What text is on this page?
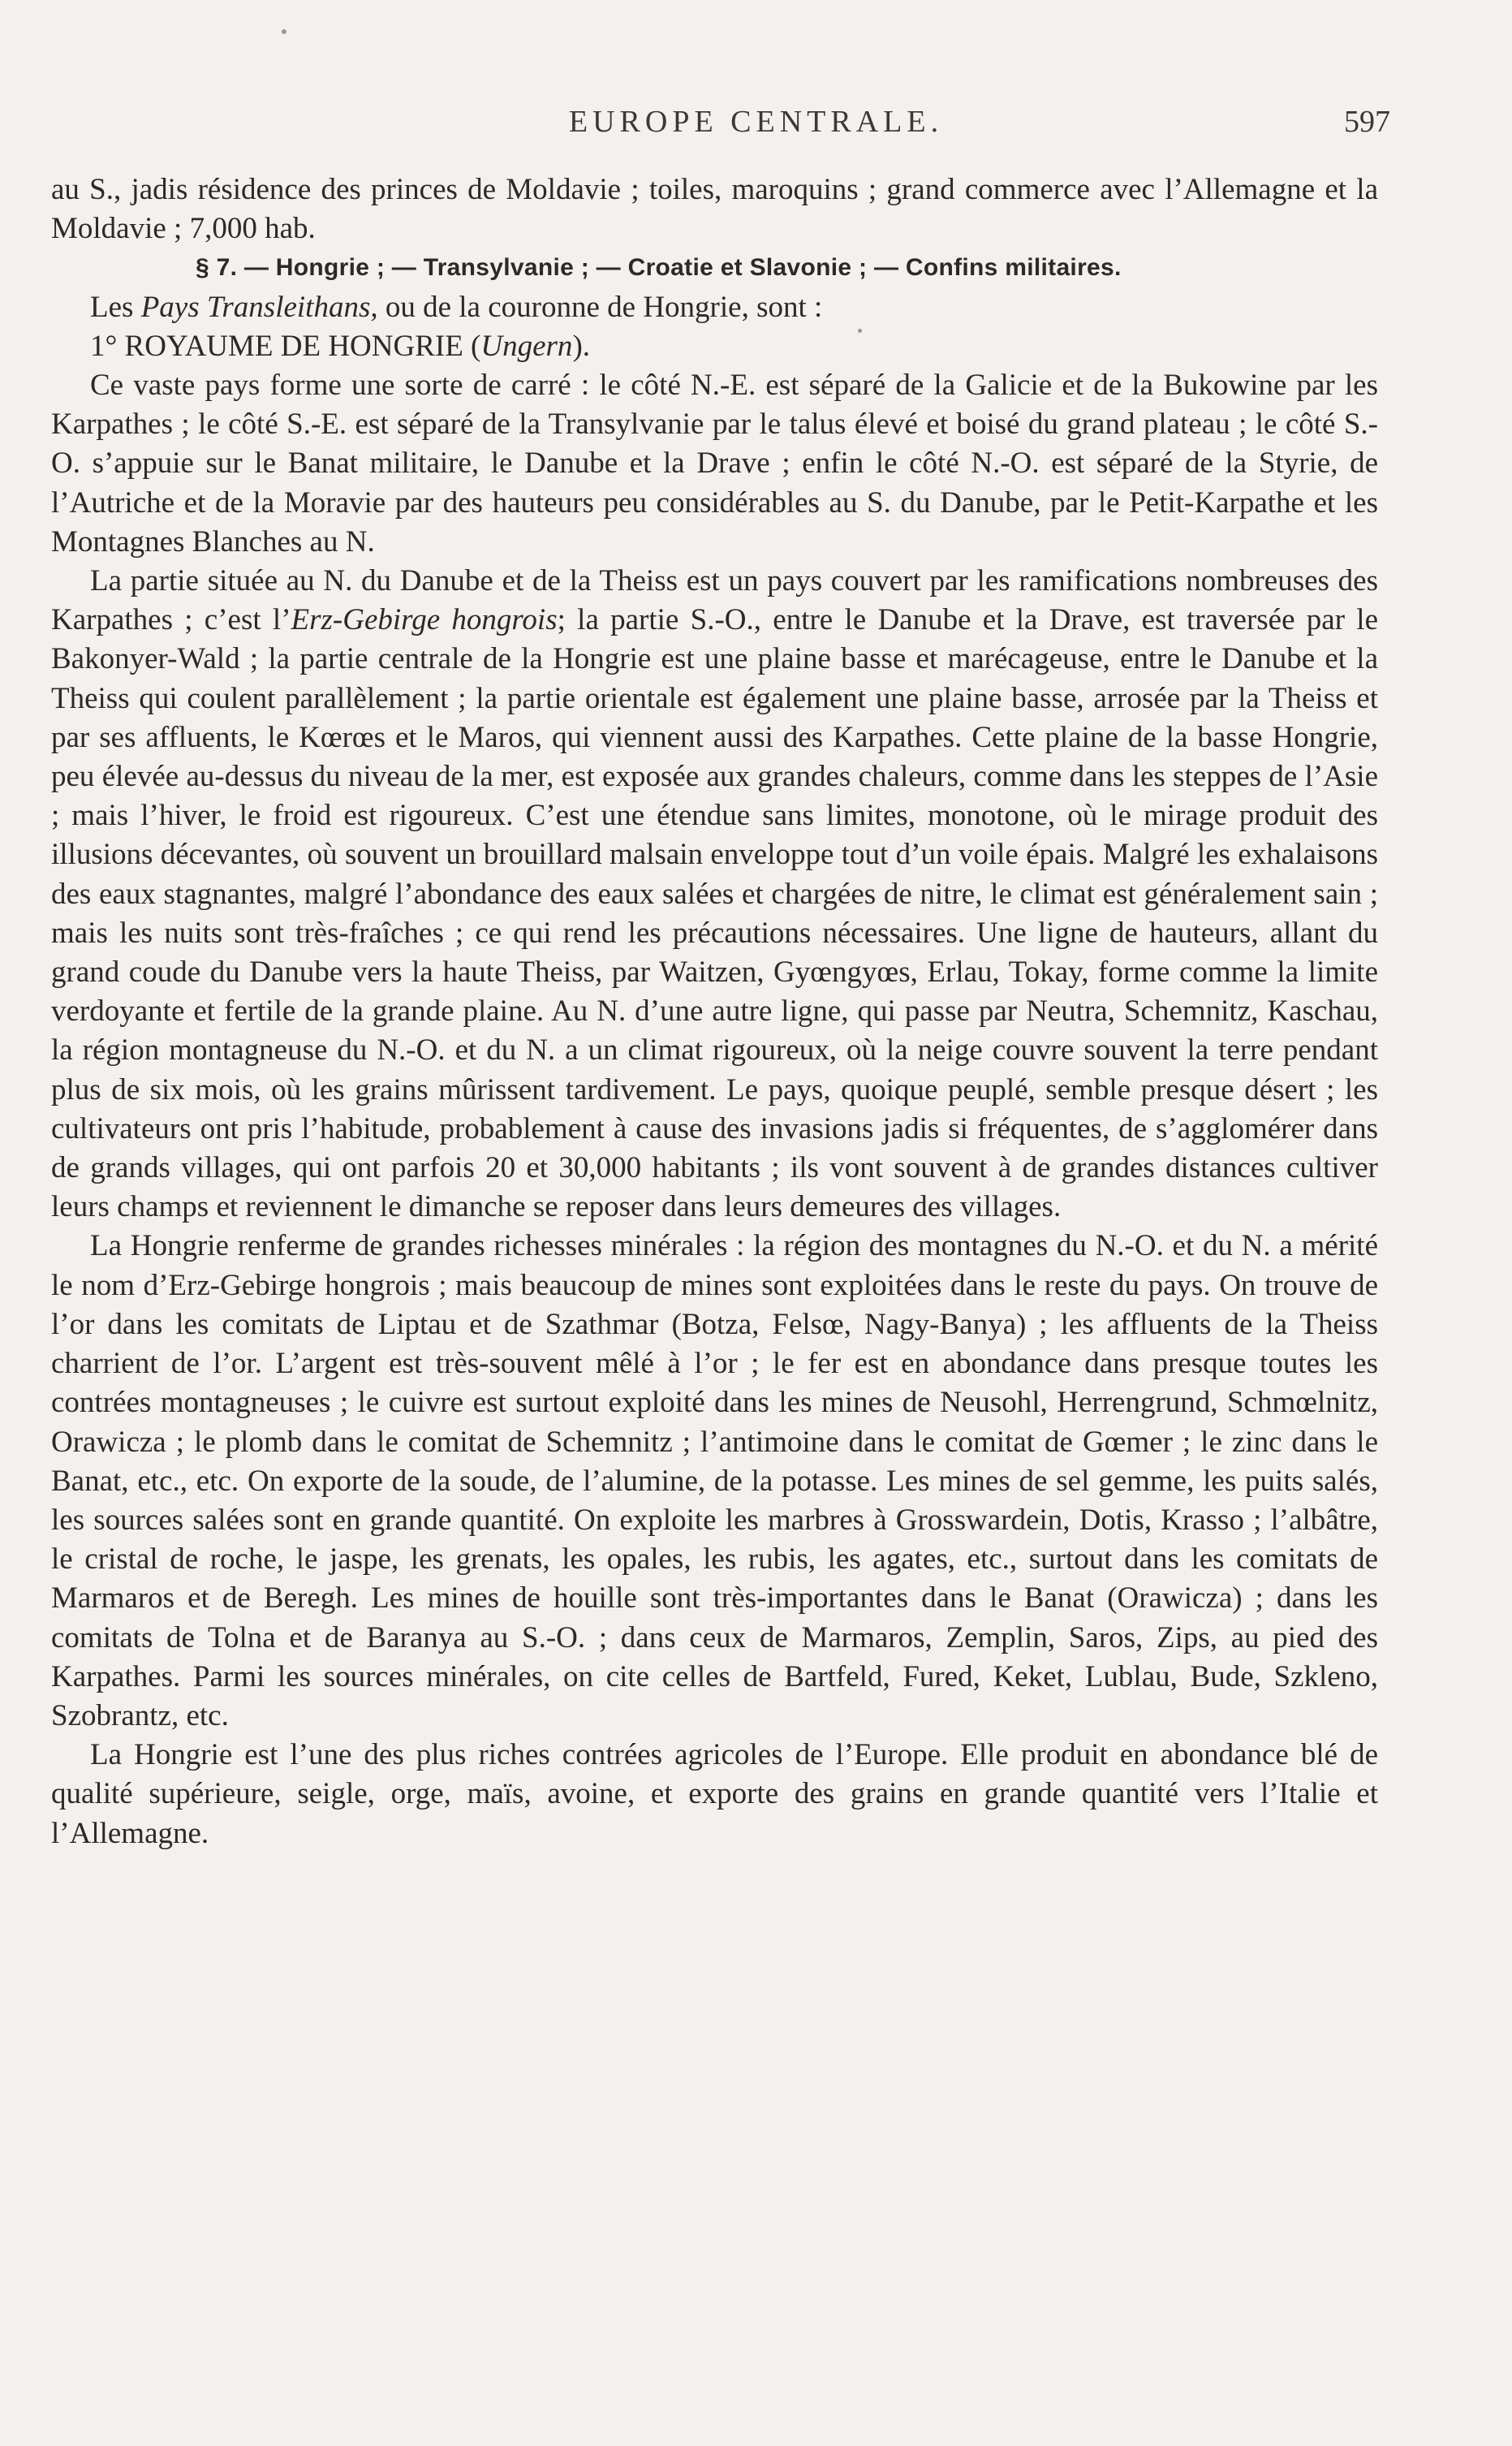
EUROPE CENTRALE.	597

au S., jadis résidence des princes de Moldavie ; toiles, maroquins ; grand commerce avec l’Allemagne et la Moldavie ; 7,000 hab.

§ 7. — Hongrie ; — Transylvanie ; — Croatie et Slavonie ; — Confins militaires.

Les Pays Transleithans, ou de la couronne de Hongrie, sont :

1° ROYAUME DE HONGRIE (Ungern).

Ce vaste pays forme une sorte de carré : le côté N.-E. est séparé de la Galicie et de la Bukowine par les Karpathes ; le côté S.-E. est séparé de la Transylvanie par le talus élevé et boisé du grand plateau ; le côté S.-O. s’appuie sur le Banat militaire, le Danube et la Drave ; enfin le côté N.-O. est séparé de la Styrie, de l’Autriche et de la Moravie par des hauteurs peu considérables au S. du Danube, par le Petit-Karpathe et les Montagnes Blanches au N.

La partie située au N. du Danube et de la Theiss est un pays couvert par les ramifications nombreuses des Karpathes ; c’est l’Erz-Gebirge hongrois; la partie S.-O., entre le Danube et la Drave, est traversée par le Bakonyer-Wald ; la partie centrale de la Hongrie est une plaine basse et marécageuse, entre le Danube et la Theiss qui coulent parallèlement ; la partie orientale est également une plaine basse, arrosée par la Theiss et par ses affluents, le Kœrœs et le Maros, qui viennent aussi des Karpathes. Cette plaine de la basse Hongrie, peu élevée au-dessus du niveau de la mer, est exposée aux grandes chaleurs, comme dans les steppes de l’Asie ; mais l’hiver, le froid est rigoureux. C’est une étendue sans limites, monotone, où le mirage produit des illusions décevantes, où souvent un brouillard malsain enveloppe tout d’un voile épais. Malgré les exhalaisons des eaux stagnantes, malgré l’abondance des eaux salées et chargées de nitre, le climat est généralement sain ; mais les nuits sont très-fraîches ; ce qui rend les précautions nécessaires. Une ligne de hauteurs, allant du grand coude du Danube vers la haute Theiss, par Waitzen, Gyœngyœs, Erlau, Tokay, forme comme la limite verdoyante et fertile de la grande plaine. Au N. d’une autre ligne, qui passe par Neutra, Schemnitz, Kaschau, la région montagneuse du N.-O. et du N. a un climat rigoureux, où la neige couvre souvent la terre pendant plus de six mois, où les grains mûrissent tardivement. Le pays, quoique peuplé, semble presque désert ; les cultivateurs ont pris l’habitude, probablement à cause des invasions jadis si fréquentes, de s’agglomérer dans de grands villages, qui ont parfois 20 et 30,000 habitants ; ils vont souvent à de grandes distances cultiver leurs champs et reviennent le dimanche se reposer dans leurs demeures des villages.

La Hongrie renferme de grandes richesses minérales : la région des montagnes du N.-O. et du N. a mérité le nom d’Erz-Gebirge hongrois ; mais beaucoup de mines sont exploitées dans le reste du pays. On trouve de l’or dans les comitats de Liptau et de Szathmar (Botza, Felsœ, Nagy-Banya) ; les affluents de la Theiss charrient de l’or. L’argent est très-souvent mêlé à l’or ; le fer est en abondance dans presque toutes les contrées montagneuses ; le cuivre est surtout exploité dans les mines de Neusohl, Herrengrund, Schmœlnitz, Orawicza ; le plomb dans le comitat de Schemnitz ; l’antimoine dans le comitat de Gœmer ; le zinc dans le Banat, etc., etc. On exporte de la soude, de l’alumine, de la potasse. Les mines de sel gemme, les puits salés, les sources salées sont en grande quantité. On exploite les marbres à Grosswardein, Dotis, Krasso ; l’albâtre, le cristal de roche, le jaspe, les grenats, les opales, les rubis, les agates, etc., surtout dans les comitats de Marmaros et de Beregh. Les mines de houille sont très-importantes dans le Banat (Orawicza) ; dans les comitats de Tolna et de Baranya au S.-O. ; dans ceux de Marmaros, Zemplin, Saros, Zips, au pied des Karpathes. Parmi les sources minérales, on cite celles de Bartfeld, Fured, Keket, Lublau, Bude, Szkleno, Szobrantz, etc.

La Hongrie est l’une des plus riches contrées agricoles de l’Europe. Elle produit en abondance blé de qualité supérieure, seigle, orge, maïs, avoine, et exporte des grains en grande quantité vers l’Italie et l’Allemagne.
